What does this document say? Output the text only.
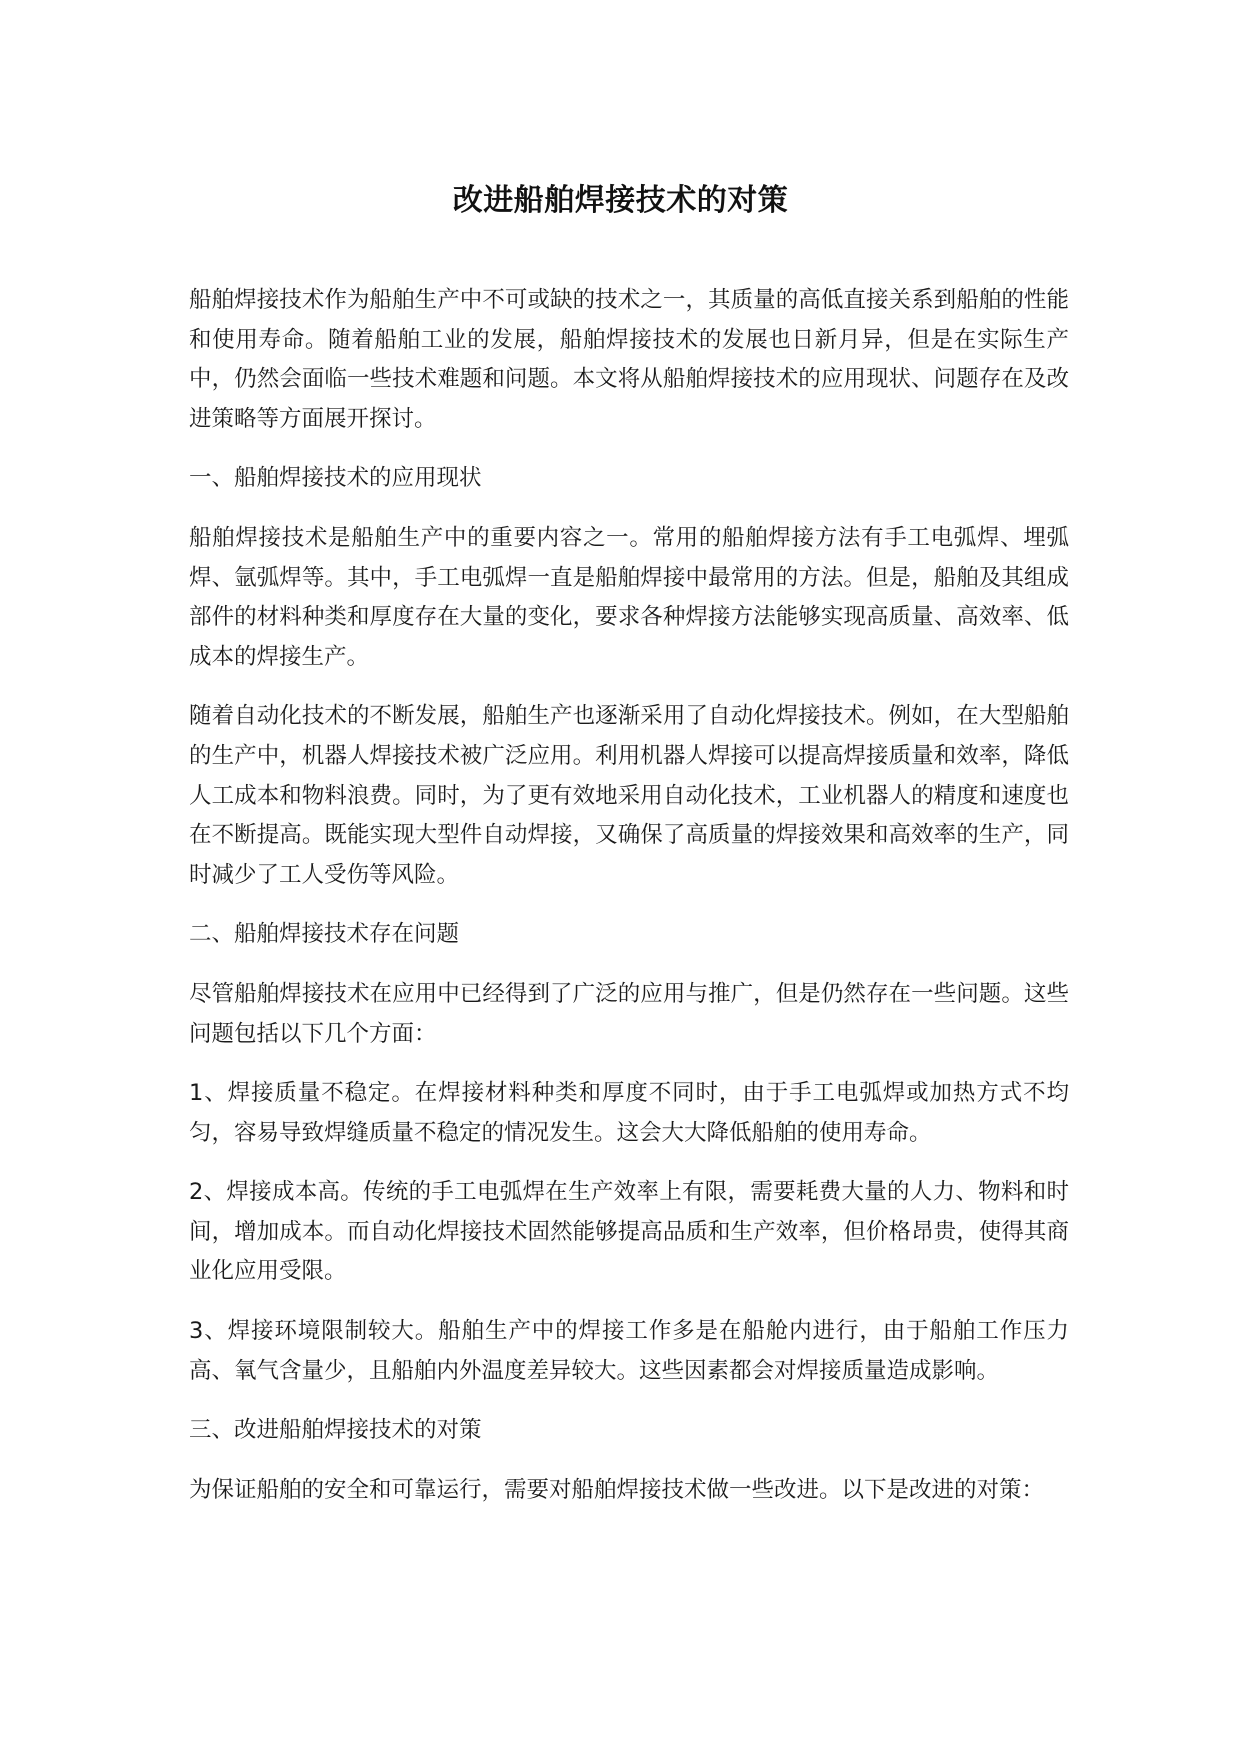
改进船舶焊接技术的对策

船舶焊接技术作为船舶生产中不可或缺的技术之一，其质量的高低直接关系到船舶的性能和使用寿命。随着船舶工业的发展，船舶焊接技术的发展也日新月异，但是在实际生产中，仍然会面临一些技术难题和问题。本文将从船舶焊接技术的应用现状、问题存在及改进策略等方面展开探讨。

一、船舶焊接技术的应用现状

船舶焊接技术是船舶生产中的重要内容之一。常用的船舶焊接方法有手工电弧焊、埋弧焊、氩弧焊等。其中，手工电弧焊一直是船舶焊接中最常用的方法。但是，船舶及其组成部件的材料种类和厚度存在大量的变化，要求各种焊接方法能够实现高质量、高效率、低成本的焊接生产。

随着自动化技术的不断发展，船舶生产也逐渐采用了自动化焊接技术。例如，在大型船舶的生产中，机器人焊接技术被广泛应用。利用机器人焊接可以提高焊接质量和效率，降低人工成本和物料浪费。同时，为了更有效地采用自动化技术，工业机器人的精度和速度也在不断提高。既能实现大型件自动焊接，又确保了高质量的焊接效果和高效率的生产，同时减少了工人受伤等风险。

二、船舶焊接技术存在问题

尽管船舶焊接技术在应用中已经得到了广泛的应用与推广，但是仍然存在一些问题。这些问题包括以下几个方面：

1、焊接质量不稳定。在焊接材料种类和厚度不同时，由于手工电弧焊或加热方式不均匀，容易导致焊缝质量不稳定的情况发生。这会大大降低船舶的使用寿命。

2、焊接成本高。传统的手工电弧焊在生产效率上有限，需要耗费大量的人力、物料和时间，增加成本。而自动化焊接技术固然能够提高品质和生产效率，但价格昂贵，使得其商业化应用受限。

3、焊接环境限制较大。船舶生产中的焊接工作多是在船舱内进行，由于船舶工作压力高、氧气含量少，且船舶内外温度差异较大。这些因素都会对焊接质量造成影响。

三、改进船舶焊接技术的对策

为保证船舶的安全和可靠运行，需要对船舶焊接技术做一些改进。以下是改进的对策：
